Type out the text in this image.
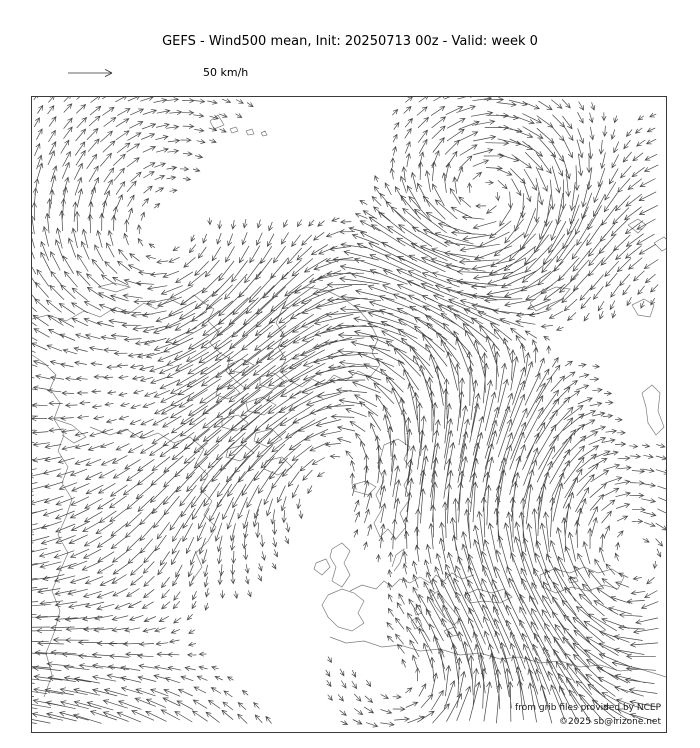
GEFS - Wind500 mean, Init: 20250713 00z - Valid: week 0
50 km/h
from grib files provided by NCEP
©2025 sb@irizone.net
